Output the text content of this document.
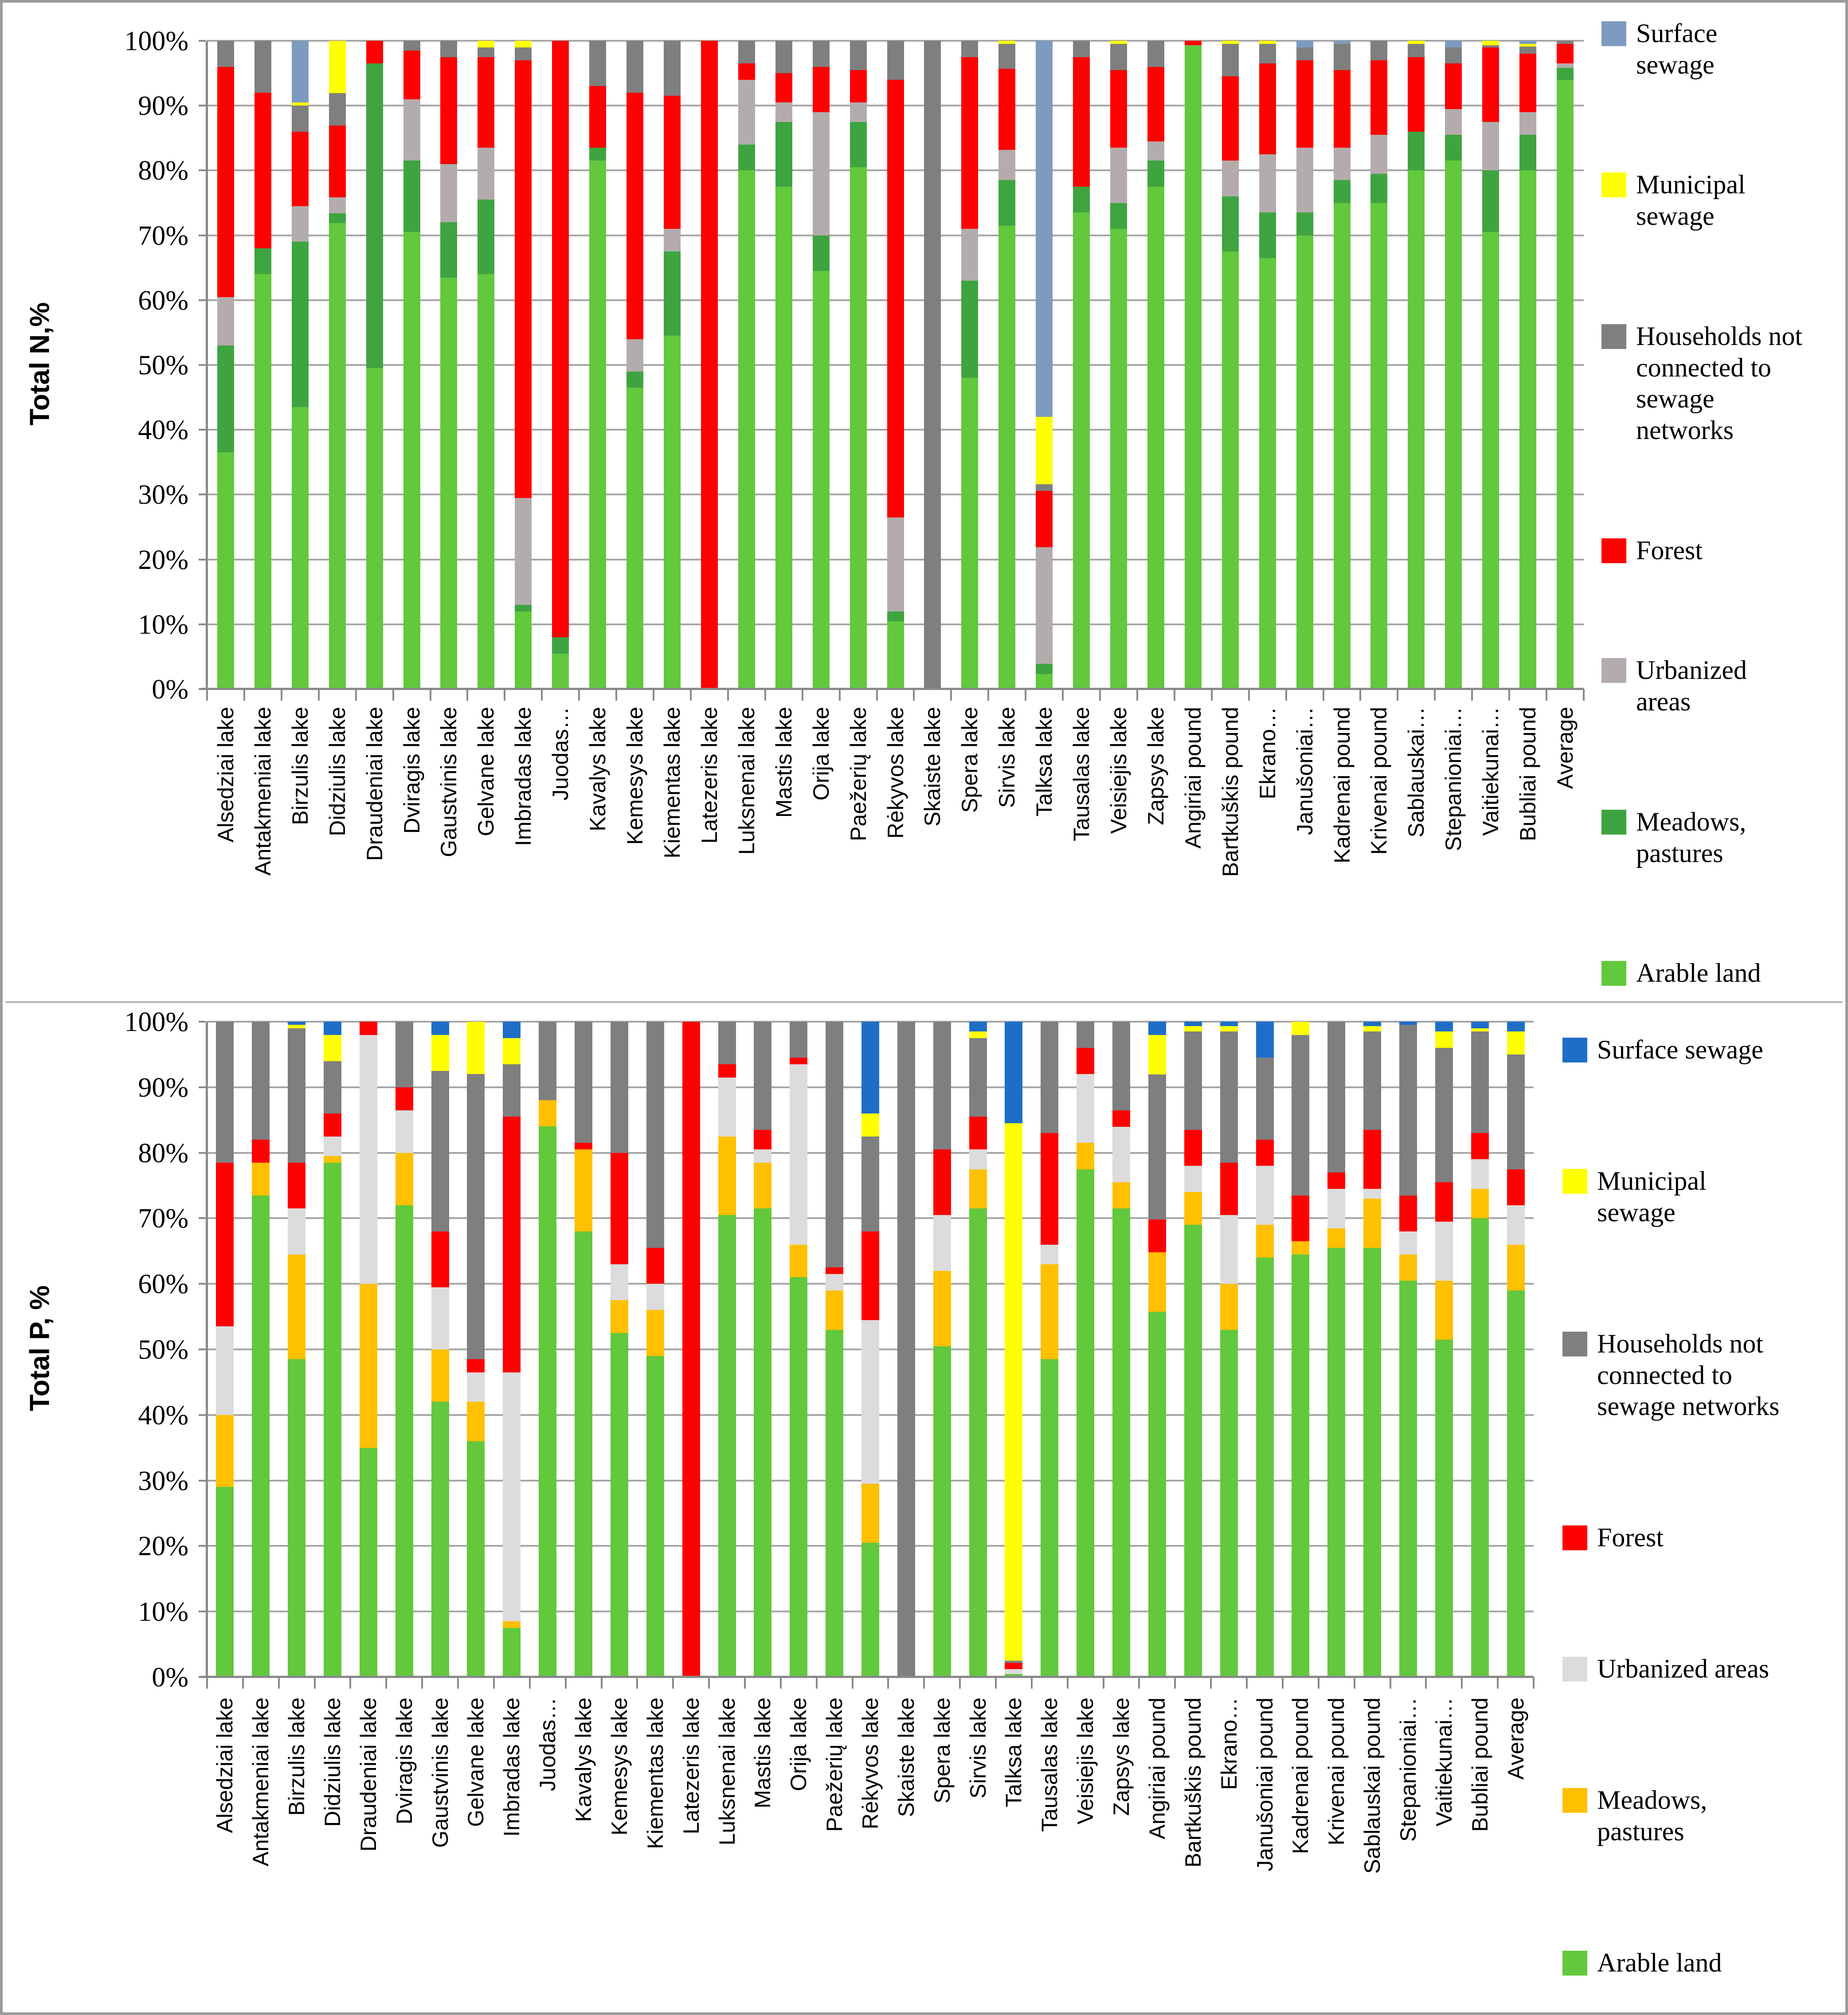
Total N,%
Surface
sewage
Municipal
sewage
Households not
connected to
sewage
networks
Forest
Urbanized
areas
Meadows,
pastures
Arable land
0%
10%
20%
30%
40%
50%
60%
70%
80%
90%
100%
Alsedziai lake Antakmeniai lake Birzulis lake Didziulis lake Draudeniai lake Dviragis lake Gaustvinis lake Gelvane lake Imbradas lake Juodas… Kavalys lake Kemesys lake Kiementas lake Latezeris lake Luksnenai lake Mastis lake Orija lake Paežerių lake Rėkyvos lake Skaiste lake Spera lake Sirvis lake Talksa lake Tausalas lake Veisiejis lake Zapsys lake Angiriai pound Bartkuškis pound Ekrano… Janušoniai… Kadrenai pound Krivenai pound Sablauskai… Stepanioniai… Vaitiekunai… Bubliai pound Average
Total P, %
Surface sewage
Municipal
sewage
Households not
connected to
sewage networks
Forest
Urbanized areas
Meadows,
pastures
Arable land
0%
10%
20%
30%
40%
50%
60%
70%
80%
90%
100%
Alsedziai lake Antakmeniai lake Birzulis lake Didziulis lake Draudeniai lake Dviragis lake Gaustvinis lake Gelvane lake Imbradas lake Juodas… Kavalys lake Kemesys lake Kiementas lake Latezeris lake Luksnenai lake Mastis lake Orija lake Paežerių lake Rėkyvos lake Skaiste lake Spera lake Sirvis lake Talksa lake Tausalas lake Veisiejis lake Zapsys lake Angiriai pound Bartkuškis pound Ekrano… Janušoniai pound Kadrenai pound Krivenai pound Sablauskai pound Stepanioniai… Vaitiekunai… Bubliai pound Average
